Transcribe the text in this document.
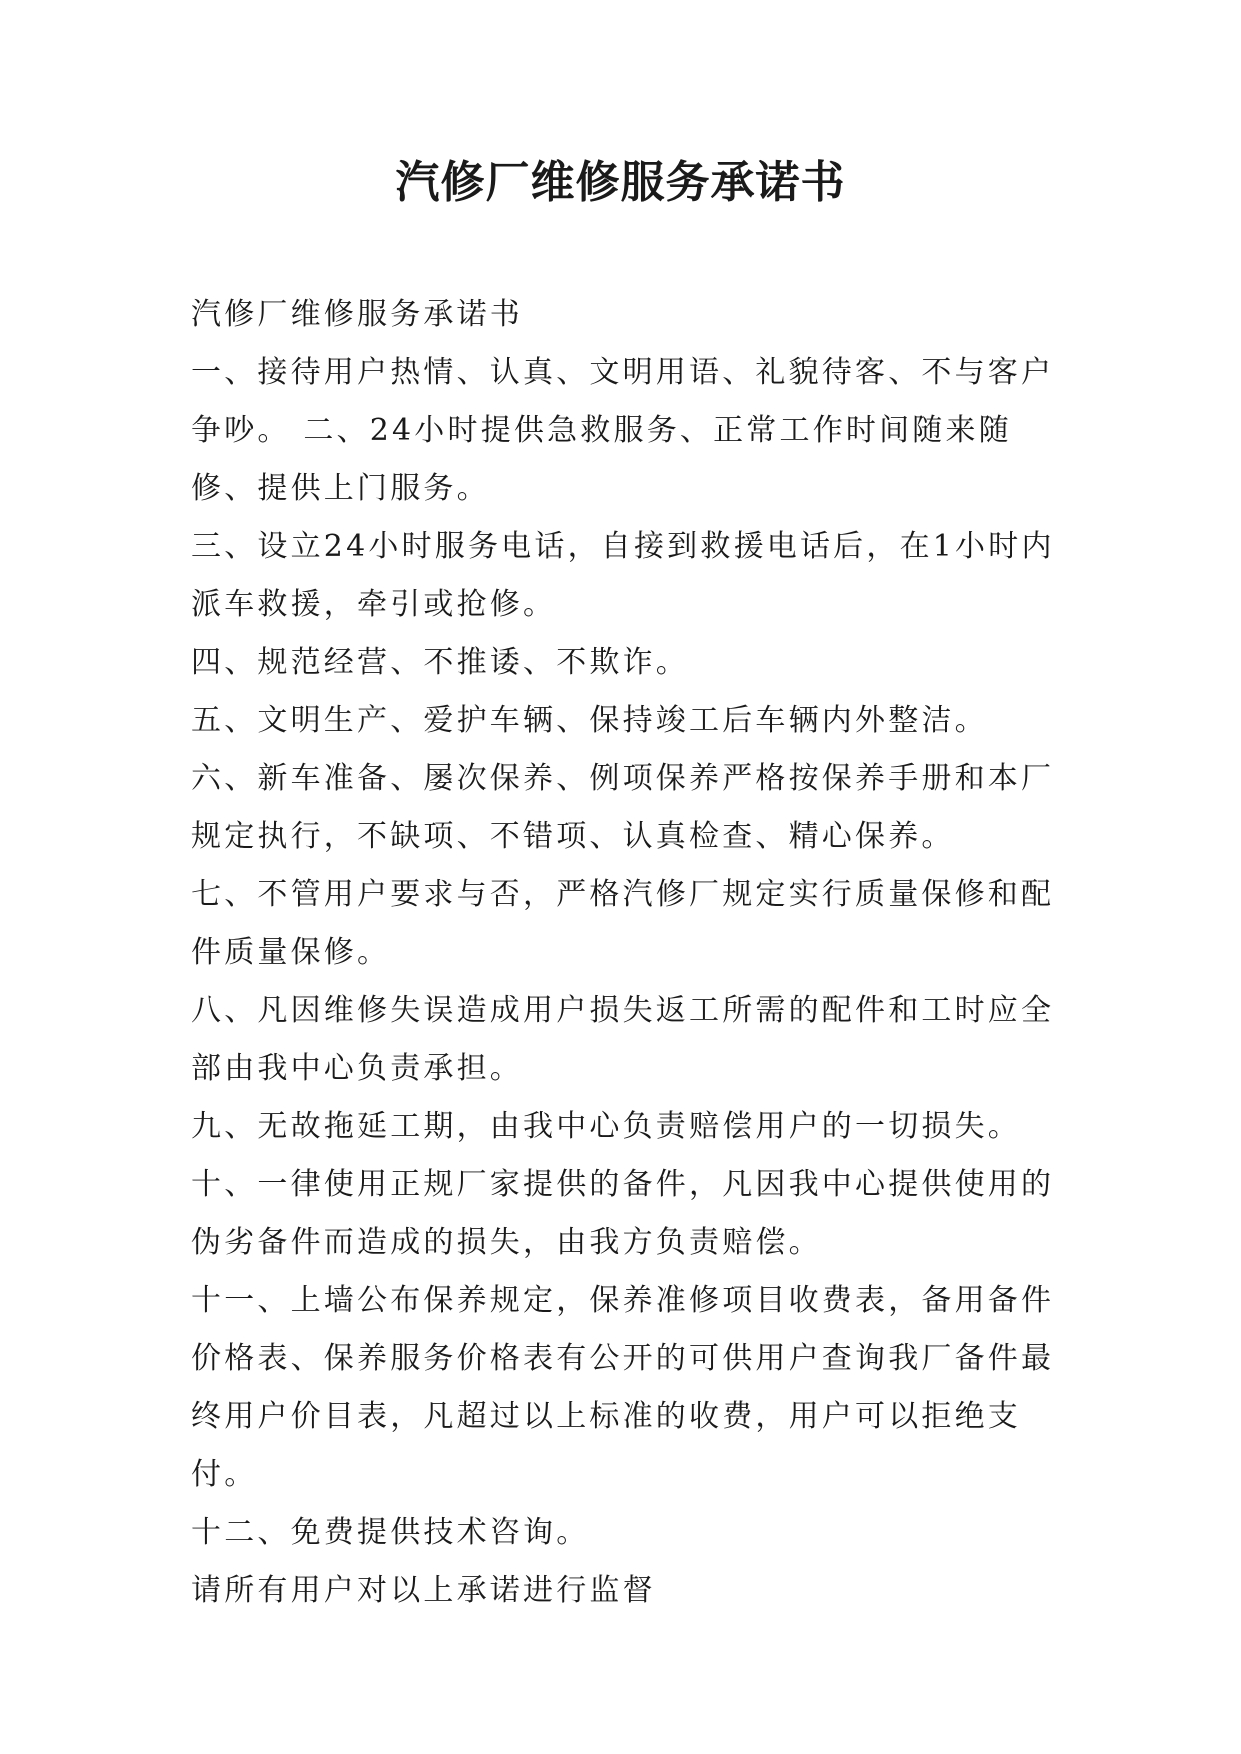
汽修厂维修服务承诺书

汽修厂维修服务承诺书

一、接待用户热情、认真、文明用语、礼貌待客、不与客户争吵。 二、24小时提供急救服务、正常工作时间随来随修、提供上门服务。

三、设立24小时服务电话，自接到救援电话后，在1小时内派车救援，牵引或抢修。

四、规范经营、不推诿、不欺诈。

五、文明生产、爱护车辆、保持竣工后车辆内外整洁。

六、新车准备、屡次保养、例项保养严格按保养手册和本厂规定执行，不缺项、不错项、认真检查、精心保养。

七、不管用户要求与否，严格汽修厂规定实行质量保修和配件质量保修。

八、凡因维修失误造成用户损失返工所需的配件和工时应全部由我中心负责承担。

九、无故拖延工期，由我中心负责赔偿用户的一切损失。

十、一律使用正规厂家提供的备件，凡因我中心提供使用的伪劣备件而造成的损失，由我方负责赔偿。

十一、上墙公布保养规定，保养准修项目收费表，备用备件价格表、保养服务价格表有公开的可供用户查询我厂备件最终用户价目表，凡超过以上标准的收费，用户可以拒绝支付。

十二、免费提供技术咨询。

请所有用户对以上承诺进行监督
